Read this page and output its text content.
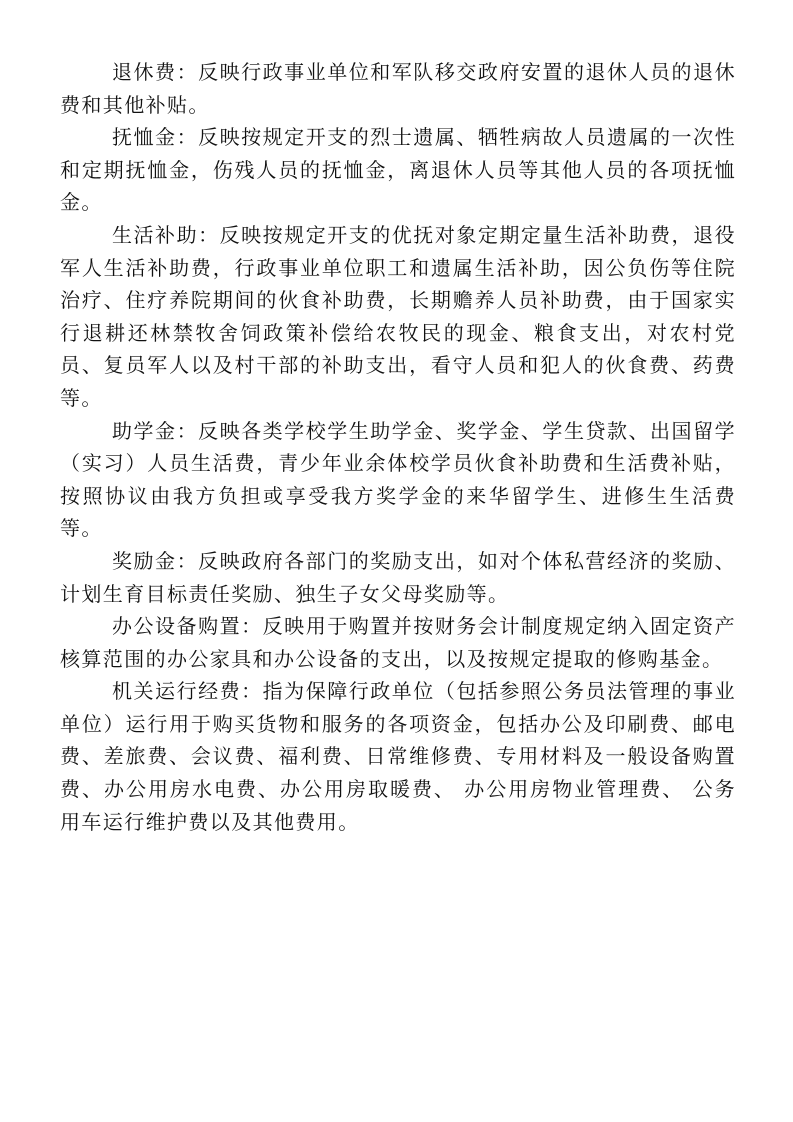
退休费：反映行政事业单位和军队移交政府安置的退休人员的退休费和其他补贴。

抚恤金：反映按规定开支的烈士遗属、牺牲病故人员遗属的一次性和定期抚恤金，伤残人员的抚恤金，离退休人员等其他人员的各项抚恤金。

生活补助：反映按规定开支的优抚对象定期定量生活补助费，退役军人生活补助费，行政事业单位职工和遗属生活补助，因公负伤等住院治疗、住疗养院期间的伙食补助费，长期赡养人员补助费，由于国家实行退耕还林禁牧舍饲政策补偿给农牧民的现金、粮食支出，对农村党员、复员军人以及村干部的补助支出，看守人员和犯人的伙食费、药费等。

助学金：反映各类学校学生助学金、奖学金、学生贷款、出国留学（实习）人员生活费，青少年业余体校学员伙食补助费和生活费补贴，按照协议由我方负担或享受我方奖学金的来华留学生、进修生生活费等。

奖励金：反映政府各部门的奖励支出，如对个体私营经济的奖励、计划生育目标责任奖励、独生子女父母奖励等。

办公设备购置：反映用于购置并按财务会计制度规定纳入固定资产核算范围的办公家具和办公设备的支出，以及按规定提取的修购基金。

机关运行经费：指为保障行政单位（包括参照公务员法管理的事业单位）运行用于购买货物和服务的各项资金，包括办公及印刷费、邮电费、差旅费、会议费、福利费、日常维修费、专用材料及一般设备购置费、办公用房水电费、办公用房取暖费、 办公用房物业管理费、 公务用车运行维护费以及其他费用。
